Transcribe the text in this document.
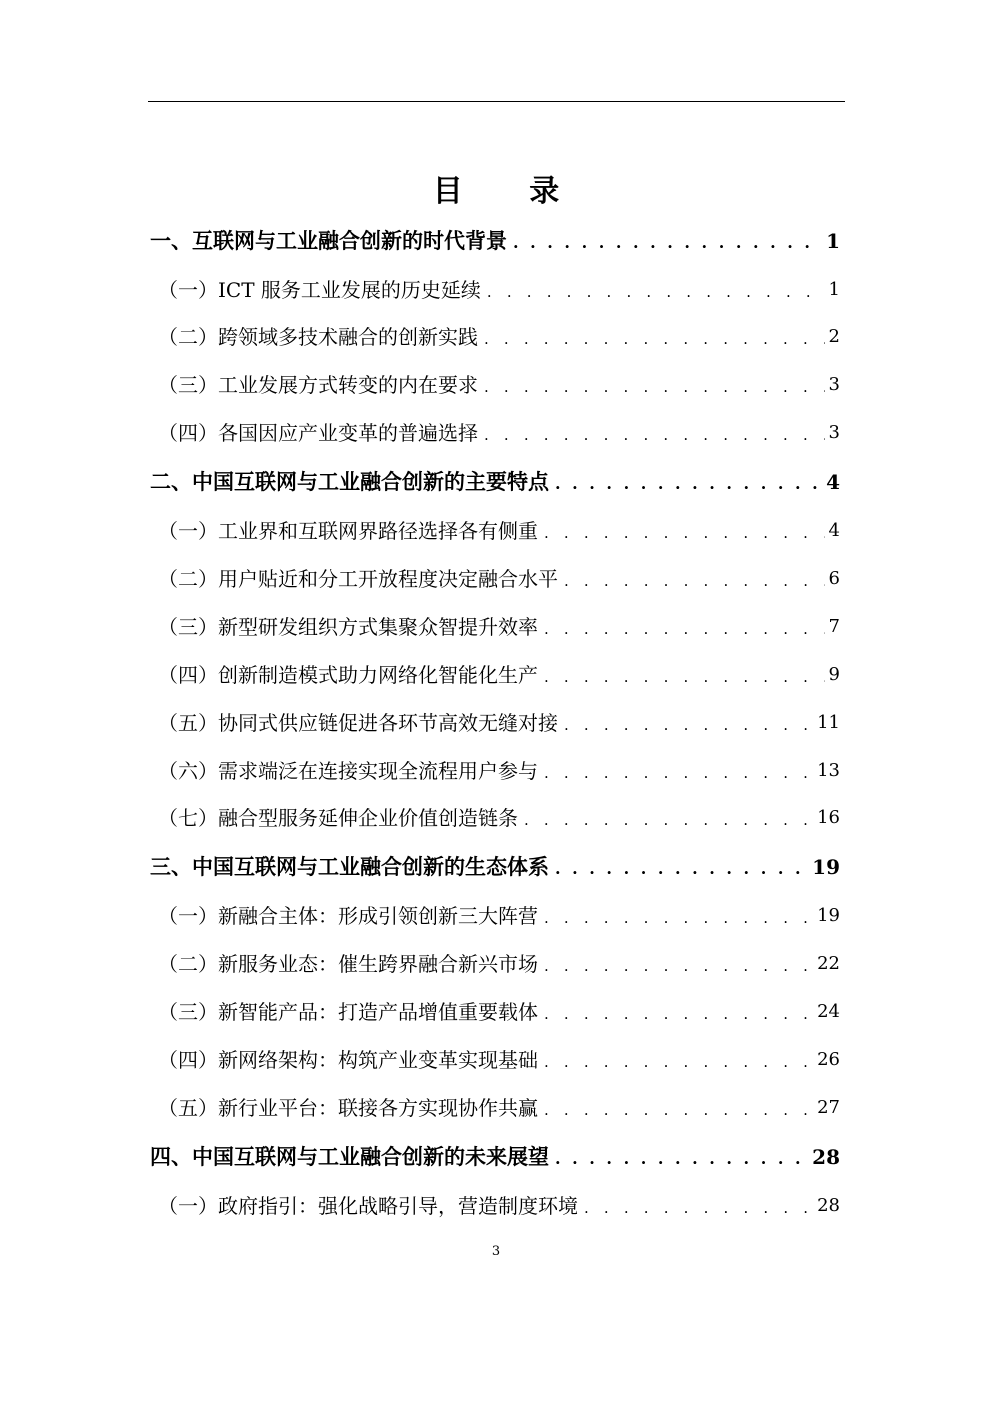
目 录
一、互联网与工业融合创新的时代背景 . . .	1
（一）ICT 服务工业发展的历史延续 . . .	1
（二）跨领域多技术融合的创新实践 . . .	2
（三）工业发展方式转变的内在要求 . . .	3
（四）各国因应产业变革的普遍选择 . . .	3
二、中国互联网与工业融合创新的主要特点 . . .	4
（一）工业界和互联网界路径选择各有侧重 . . .	4
（二）用户贴近和分工开放程度决定融合水平 . . .	6
（三）新型研发组织方式集聚众智提升效率 . . .	7
（四）创新制造模式助力网络化智能化生产 . . .	9
（五）协同式供应链促进各环节高效无缝对接 . . .	11
（六）需求端泛在连接实现全流程用户参与 . . .	13
（七）融合型服务延伸企业价值创造链条 . . .	16
三、中国互联网与工业融合创新的生态体系 . . .	19
（一）新融合主体：形成引领创新三大阵营 . . .	19
（二）新服务业态：催生跨界融合新兴市场 . . .	22
（三）新智能产品：打造产品增值重要载体 . . .	24
（四）新网络架构：构筑产业变革实现基础 . . .	26
（五）新行业平台：联接各方实现协作共赢 . . .	27
四、中国互联网与工业融合创新的未来展望 . . .	28
（一）政府指引：强化战略引导，营造制度环境 . . .	28
3
